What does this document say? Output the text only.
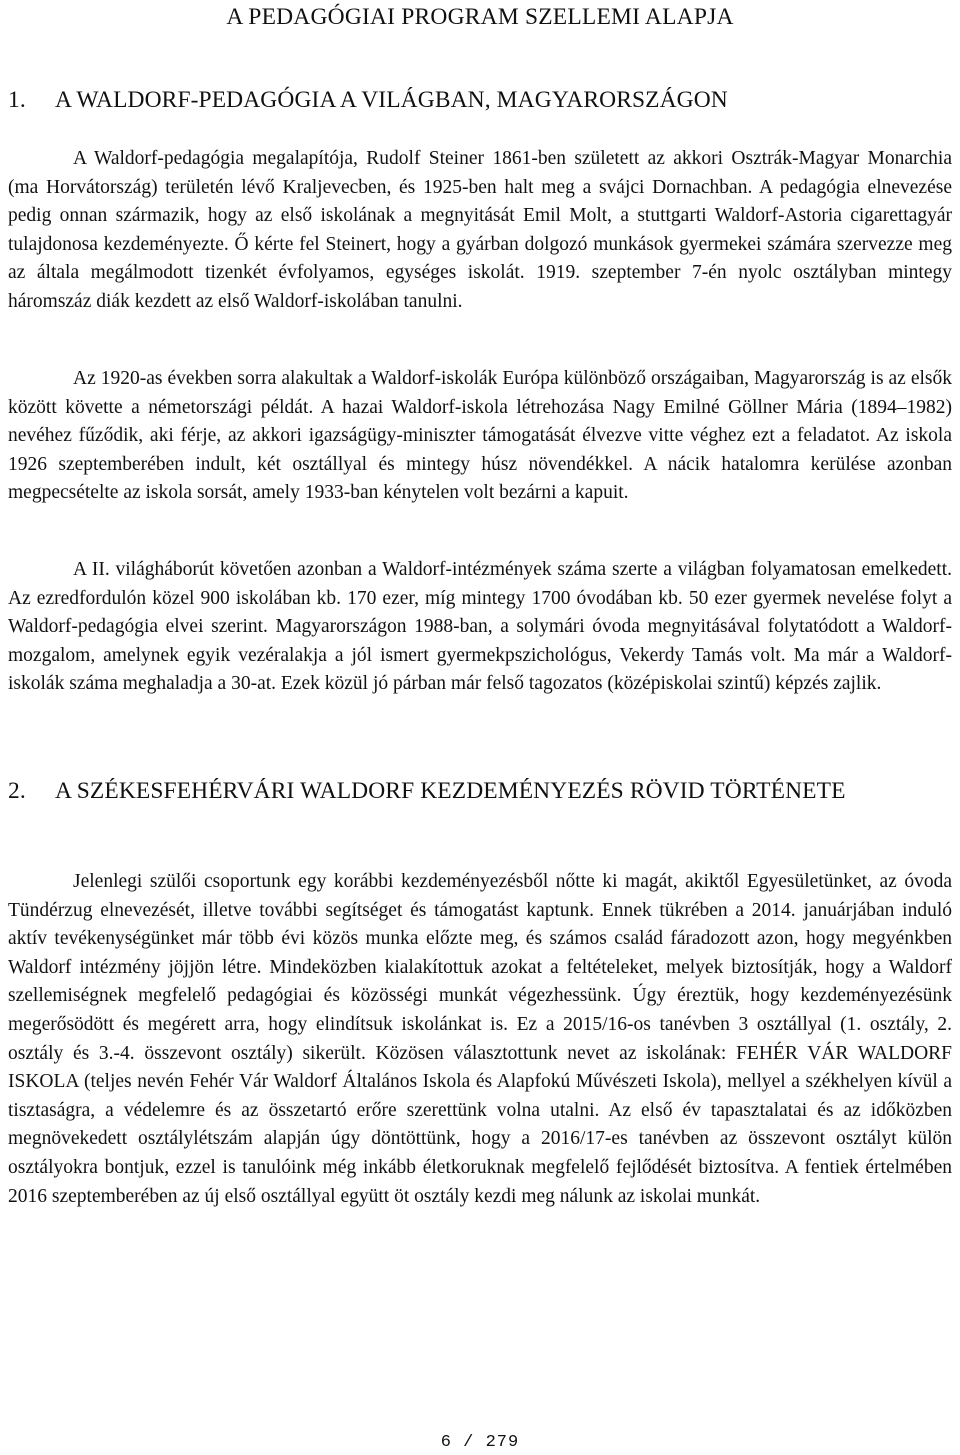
A PEDAGÓGIAI PROGRAM SZELLEMI ALAPJA
1. A WALDORF-PEDAGÓGIA A VILÁGBAN, MAGYARORSZÁGON

A Waldorf-pedagógia megalapítója, Rudolf Steiner 1861-ben született az akkori Osztrák-Magyar Monarchia (ma Horvátország) területén lévő Kraljevecben, és 1925-ben halt meg a svájci Dornachban. A pedagógia elnevezése pedig onnan származik, hogy az első iskolának a megnyitását Emil Molt, a stuttgarti Waldorf-Astoria cigarettagyár tulajdonosa kezdeményezte. Ő kérte fel Steinert, hogy a gyárban dolgozó munkások gyermekei számára szervezze meg az általa megálmodott tizenkét évfolyamos, egységes iskolát. 1919. szeptember 7-én nyolc osztályban mintegy háromszáz diák kezdett az első Waldorf-iskolában tanulni.

Az 1920-as években sorra alakultak a Waldorf-iskolák Európa különböző országaiban, Magyarország is az elsők között követte a németországi példát. A hazai Waldorf-iskola létrehozása Nagy Emilné Göllner Mária (1894–1982) nevéhez fűződik, aki férje, az akkori igazságügy-miniszter támogatását élvezve vitte véghez ezt a feladatot. Az iskola 1926 szeptemberében indult, két osztállyal és mintegy húsz növendékkel. A nácik hatalomra kerülése azonban megpecsételte az iskola sorsát, amely 1933-ban kénytelen volt bezárni a kapuit.

A II. világháborút követően azonban a Waldorf-intézmények száma szerte a világban folyamatosan emelkedett. Az ezredfordulón közel 900 iskolában kb. 170 ezer, míg mintegy 1700 óvodában kb. 50 ezer gyermek nevelése folyt a Waldorf-pedagógia elvei szerint. Magyarországon 1988-ban, a solymári óvoda megnyitásával folytatódott a Waldorf-mozgalom, amelynek egyik vezéralakja a jól ismert gyermekpszichológus, Vekerdy Tamás volt. Ma már a Waldorf-iskolák száma meghaladja a 30-at. Ezek közül jó párban már felső tagozatos (középiskolai szintű) képzés zajlik.

2. A SZÉKESFEHÉRVÁRI WALDORF KEZDEMÉNYEZÉS RÖVID TÖRTÉNETE

Jelenlegi szülői csoportunk egy korábbi kezdeményezésből nőtte ki magát, akiktől Egyesületünket, az óvoda Tündérzug elnevezését, illetve további segítséget és támogatást kaptunk. Ennek tükrében a 2014. januárjában induló aktív tevékenységünket már több évi közös munka előzte meg, és számos család fáradozott azon, hogy megyénkben Waldorf intézmény jöjjön létre. Mindeközben kialakítottuk azokat a feltételeket, melyek biztosítják, hogy a Waldorf szellemiségnek megfelelő pedagógiai és közösségi munkát végezhessünk. Úgy éreztük, hogy kezdeményezésünk megerősödött és megérett arra, hogy elindítsuk iskolánkat is. Ez a 2015/16-os tanévben 3 osztállyal (1. osztály, 2. osztály és 3.-4. összevont osztály) sikerült. Közösen választottunk nevet az iskolának: FEHÉR VÁR WALDORF ISKOLA (teljes nevén Fehér Vár Waldorf Általános Iskola és Alapfokú Művészeti Iskola), mellyel a székhelyen kívül a tisztaságra, a védelemre és az összetartó erőre szerettünk volna utalni. Az első év tapasztalatai és az időközben megnövekedett osztálylétszám alapján úgy döntöttünk, hogy a 2016/17-es tanévben az összevont osztályt külön osztályokra bontjuk, ezzel is tanulóink még inkább életkoruknak megfelelő fejlődését biztosítva. A fentiek értelmében 2016 szeptemberében az új első osztállyal együtt öt osztály kezdi meg nálunk az iskolai munkát.

6 / 279
